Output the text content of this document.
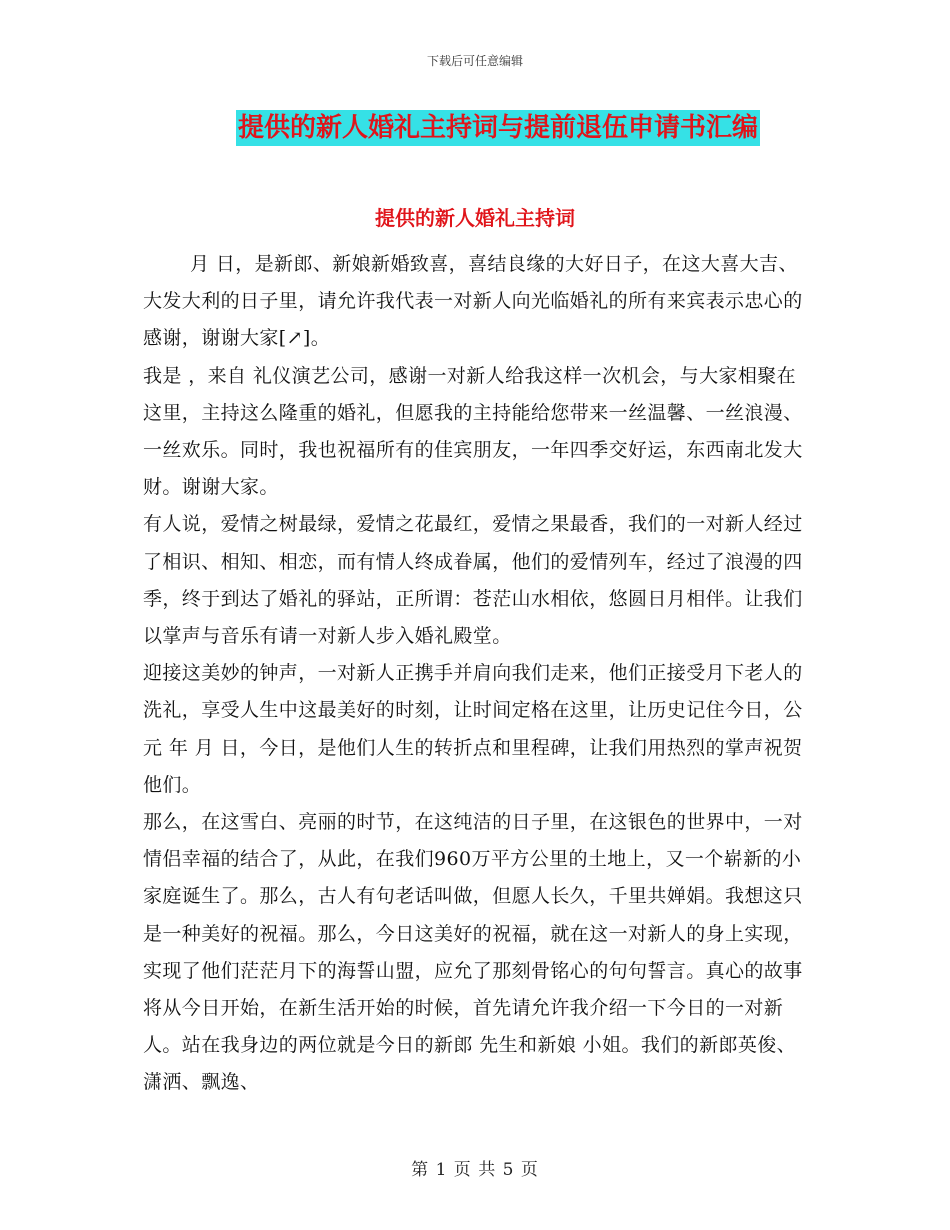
下载后可任意编辑
提供的新人婚礼主持词与提前退伍申请书汇编
提供的新人婚礼主持词

月 日，是新郎、新娘新婚致喜，喜结良缘的大好日子，在这大喜大吉、大发大利的日子里，请允许我代表一对新人向光临婚礼的所有来宾表示忠心的感谢，谢谢大家[↗]。

我是 ，来自 礼仪演艺公司，感谢一对新人给我这样一次机会，与大家相聚在这里，主持这么隆重的婚礼，但愿我的主持能给您带来一丝温馨、一丝浪漫、一丝欢乐。同时，我也祝福所有的佳宾朋友，一年四季交好运，东西南北发大财。谢谢大家。

有人说，爱情之树最绿，爱情之花最红，爱情之果最香，我们的一对新人经过了相识、相知、相恋，而有情人终成眷属，他们的爱情列车，经过了浪漫的四季，终于到达了婚礼的驿站，正所谓：苍茫山水相依，悠圆日月相伴。让我们以掌声与音乐有请一对新人步入婚礼殿堂。

迎接这美妙的钟声，一对新人正携手并肩向我们走来，他们正接受月下老人的洗礼，享受人生中这最美好的时刻，让时间定格在这里，让历史记住今日，公元 年 月 日，今日，是他们人生的转折点和里程碑，让我们用热烈的掌声祝贺他们。

那么，在这雪白、亮丽的时节，在这纯洁的日子里，在这银色的世界中，一对情侣幸福的结合了，从此，在我们960万平方公里的土地上，又一个崭新的小家庭诞生了。那么，古人有句老话叫做，但愿人长久，千里共婵娟。我想这只是一种美好的祝福。那么，今日这美好的祝福，就在这一对新人的身上实现，实现了他们茫茫月下的海誓山盟，应允了那刻骨铭心的句句誓言。真心的故事将从今日开始，在新生活开始的时候，首先请允许我介绍一下今日的一对新人。站在我身边的两位就是今日的新郎 先生和新娘 小姐。我们的新郎英俊、潇洒、飘逸、

第 1 页 共 5 页
